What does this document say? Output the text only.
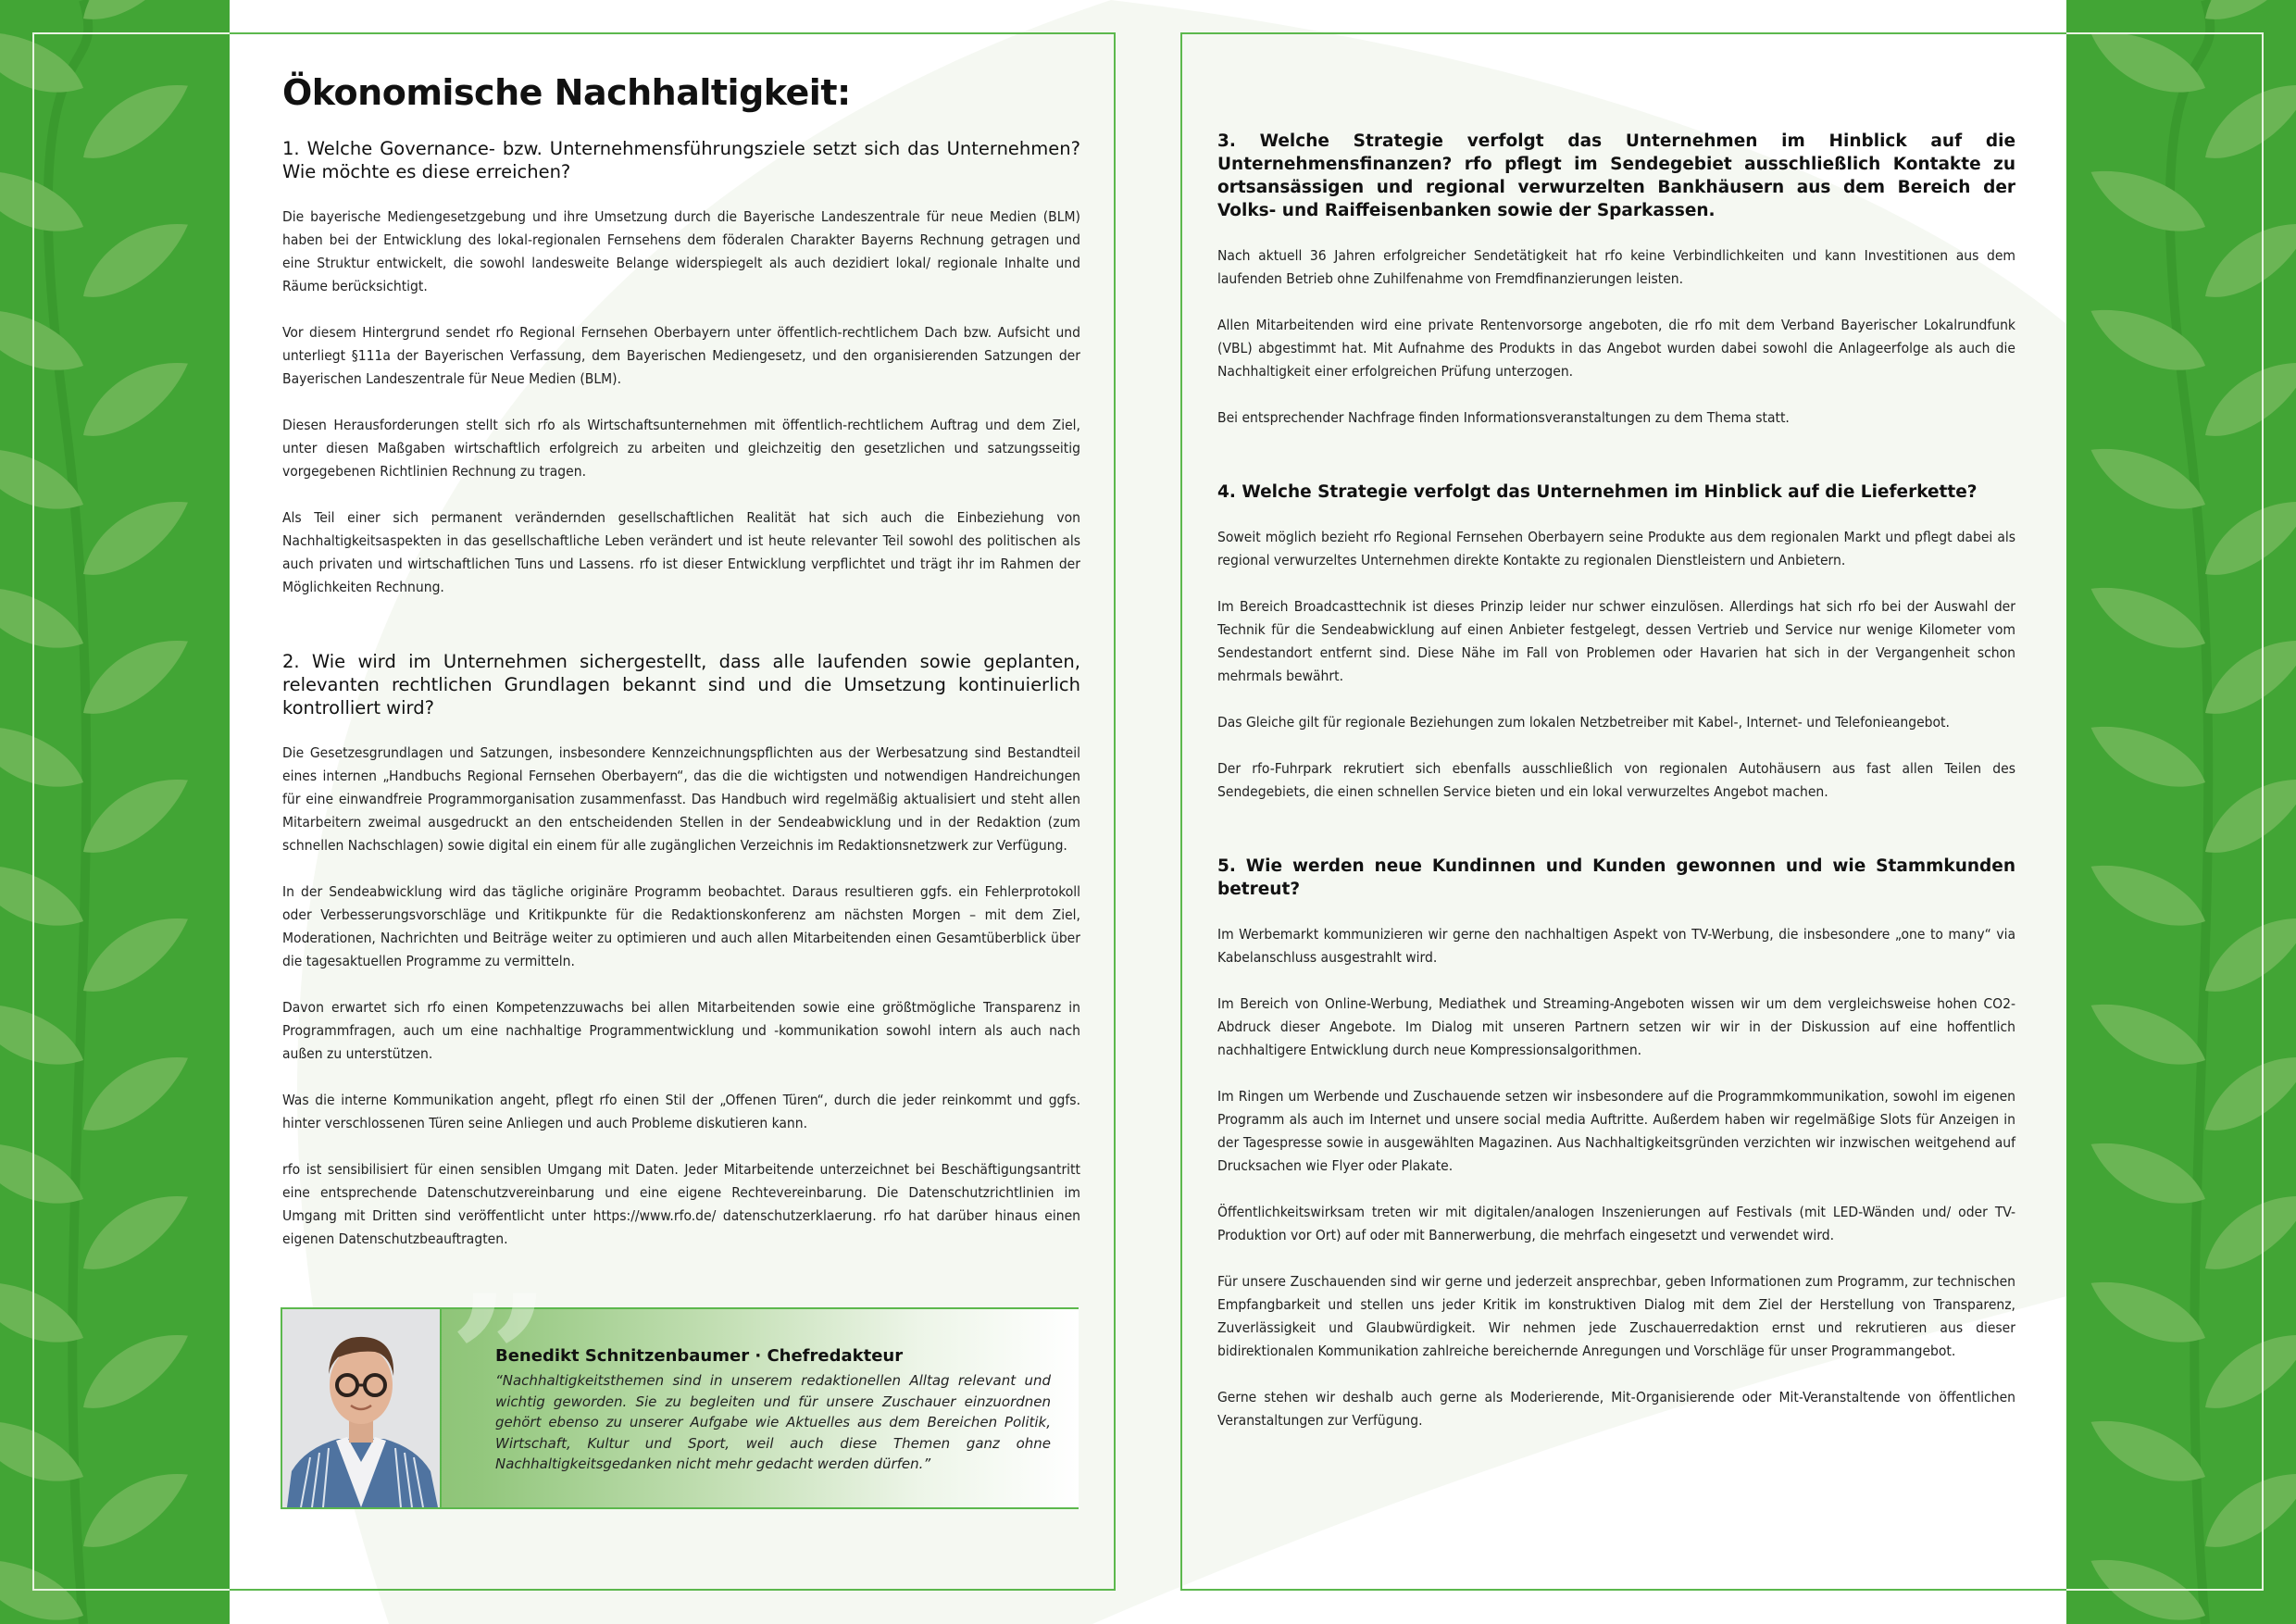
Ökonomische Nachhaltigkeit:
1. Welche Governance- bzw. Unternehmensführungsziele setzt sich das Unternehmen? Wie möchte es diese erreichen?

Die bayerische Mediengesetzgebung und ihre Umsetzung durch die Bayerische Landeszentrale für neue Medien (BLM) haben bei der Entwicklung des lokal-regionalen Fernsehens dem föderalen Charakter Bayerns Rechnung getragen und eine Struktur entwickelt, die sowohl landesweite Belange widerspiegelt als auch dezidiert lokal/ regionale Inhalte und Räume berücksichtigt.

Vor diesem Hintergrund sendet rfo Regional Fernsehen Oberbayern unter öffentlich-rechtlichem Dach bzw. Aufsicht und unterliegt §111a der Bayerischen Verfassung, dem Bayerischen Mediengesetz, und den organisierenden Satzungen der Bayerischen Landeszentrale für Neue Medien (BLM).

Diesen Herausforderungen stellt sich rfo als Wirtschaftsunternehmen mit öffentlich-rechtlichem Auftrag und dem Ziel, unter diesen Maßgaben wirtschaftlich erfolgreich zu arbeiten und gleichzeitig den gesetzlichen und satzungsseitig vorgegebenen Richtlinien Rechnung zu tragen.

Als Teil einer sich permanent verändernden gesellschaftlichen Realität hat sich auch die Einbeziehung von Nachhaltigkeitsaspekten in das gesellschaftliche Leben verändert und ist heute relevanter Teil sowohl des politischen als auch privaten und wirtschaftlichen Tuns und Lassens. rfo ist dieser Entwicklung verpflichtet und trägt ihr im Rahmen der Möglichkeiten Rechnung.

2. Wie wird im Unternehmen sichergestellt, dass alle laufenden sowie geplanten, relevanten rechtlichen Grundlagen bekannt sind und die Umsetzung kontinuierlich kontrolliert wird?

Die Gesetzesgrundlagen und Satzungen, insbesondere Kennzeichnungspflichten aus der Werbesatzung sind Bestandteil eines internen „Handbuchs Regional Fernsehen Oberbayern“, das die die wichtigsten und notwendigen Handreichungen für eine einwandfreie Programmorganisation zusammenfasst. Das Handbuch wird regelmäßig aktualisiert und steht allen Mitarbeitern zweimal ausgedruckt an den entscheidenden Stellen in der Sendeabwicklung und in der Redaktion (zum schnellen Nachschlagen) sowie digital ein einem für alle zugänglichen Verzeichnis im Redaktionsnetzwerk zur Verfügung.

In der Sendeabwicklung wird das tägliche originäre Programm beobachtet. Daraus resultieren ggfs. ein Fehlerprotokoll oder Verbesserungsvorschläge und Kritikpunkte für die Redaktionskonferenz am nächsten Morgen – mit dem Ziel, Moderationen, Nachrichten und Beiträge weiter zu optimieren und auch allen Mitarbeitenden einen Gesamtüberblick über die tagesaktuellen Programme zu vermitteln.

Davon erwartet sich rfo einen Kompetenzzuwachs bei allen Mitarbeitenden sowie eine größtmögliche Transparenz in Programmfragen, auch um eine nachhaltige Programmentwicklung und -kommunikation sowohl intern als auch nach außen zu unterstützen.

Was die interne Kommunikation angeht, pflegt rfo einen Stil der „Offenen Türen“, durch die jeder reinkommt und ggfs. hinter verschlossenen Türen seine Anliegen und auch Probleme diskutieren kann.

rfo ist sensibilisiert für einen sensiblen Umgang mit Daten. Jeder Mitarbeitende unterzeichnet bei Beschäftigungsantritt eine entsprechende Datenschutzvereinbarung und eine eigene Rechtevereinbarung. Die Datenschutzrichtlinien im Umgang mit Dritten sind veröffentlicht unter https://www.rfo.de/ datenschutzerklaerung. rfo hat darüber hinaus einen eigenen Datenschutzbeauftragten.

”
Benedikt Schnitzenbaumer · Chefredakteur
“Nachhaltigkeitsthemen sind in unserem redaktionellen Alltag relevant und wichtig geworden. Sie zu begleiten und für unsere Zuschauer einzuordnen gehört ebenso zu unserer Aufgabe wie Aktuelles aus dem Bereichen Politik, Wirtschaft, Kultur und Sport, weil auch diese Themen ganz ohne Nachhaltigkeitsgedanken nicht mehr gedacht werden dürfen.”
3. Welche Strategie verfolgt das Unternehmen im Hinblick auf die Unternehmensfinanzen? rfo pflegt im Sendegebiet ausschließlich Kontakte zu ortsansässigen und regional verwurzelten Bankhäusern aus dem Bereich der Volks- und Raiffeisenbanken sowie der Sparkassen.

Nach aktuell 36 Jahren erfolgreicher Sendetätigkeit hat rfo keine Verbindlichkeiten und kann Investitionen aus dem laufenden Betrieb ohne Zuhilfenahme von Fremdfinanzierungen leisten.

Allen Mitarbeitenden wird eine private Rentenvorsorge angeboten, die rfo mit dem Verband Bayerischer Lokalrundfunk (VBL) abgestimmt hat. Mit Aufnahme des Produkts in das Angebot wurden dabei sowohl die Anlageerfolge als auch die Nachhaltigkeit einer erfolgreichen Prüfung unterzogen.

Bei entsprechender Nachfrage finden Informationsveranstaltungen zu dem Thema statt.

4. Welche Strategie verfolgt das Unternehmen im Hinblick auf die Lieferkette?

Soweit möglich bezieht rfo Regional Fernsehen Oberbayern seine Produkte aus dem regionalen Markt und pflegt dabei als regional verwurzeltes Unternehmen direkte Kontakte zu regionalen Dienstleistern und Anbietern.

Im Bereich Broadcasttechnik ist dieses Prinzip leider nur schwer einzulösen. Allerdings hat sich rfo bei der Auswahl der Technik für die Sendeabwicklung auf einen Anbieter festgelegt, dessen Vertrieb und Service nur wenige Kilometer vom Sendestandort entfernt sind. Diese Nähe im Fall von Problemen oder Havarien hat sich in der Vergangenheit schon mehrmals bewährt.

Das Gleiche gilt für regionale Beziehungen zum lokalen Netzbetreiber mit Kabel-, Internet- und Telefonieangebot.

Der rfo-Fuhrpark rekrutiert sich ebenfalls ausschließlich von regionalen Autohäusern aus fast allen Teilen des Sendegebiets, die einen schnellen Service bieten und ein lokal verwurzeltes Angebot machen.

5. Wie werden neue Kundinnen und Kunden gewonnen und wie Stammkunden betreut?

Im Werbemarkt kommunizieren wir gerne den nachhaltigen Aspekt von TV-Werbung, die insbesondere „one to many“ via Kabelanschluss ausgestrahlt wird.

Im Bereich von Online-Werbung, Mediathek und Streaming-Angeboten wissen wir um dem vergleichsweise hohen CO2-Abdruck dieser Angebote. Im Dialog mit unseren Partnern setzen wir wir in der Diskussion auf eine hoffentlich nachhaltigere Entwicklung durch neue Kompressionsalgorithmen.

Im Ringen um Werbende und Zuschauende setzen wir insbesondere auf die Programmkommunikation, sowohl im eigenen Programm als auch im Internet und unsere social media Auftritte. Außerdem haben wir regelmäßige Slots für Anzeigen in der Tagespresse sowie in ausgewählten Magazinen. Aus Nachhaltigkeitsgründen verzichten wir inzwischen weitgehend auf Drucksachen wie Flyer oder Plakate.

Öffentlichkeitswirksam treten wir mit digitalen/analogen Inszenierungen auf Festivals (mit LED-Wänden und/ oder TV-Produktion vor Ort) auf oder mit Bannerwerbung, die mehrfach eingesetzt und verwendet wird.

Für unsere Zuschauenden sind wir gerne und jederzeit ansprechbar, geben Informationen zum Programm, zur technischen Empfangbarkeit und stellen uns jeder Kritik im konstruktiven Dialog mit dem Ziel der Herstellung von Transparenz, Zuverlässigkeit und Glaubwürdigkeit. Wir nehmen jede Zuschauerredaktion ernst und rekrutieren aus dieser bidirektionalen Kommunikation zahlreiche bereichernde Anregungen und Vorschläge für unser Programmangebot.

Gerne stehen wir deshalb auch gerne als Moderierende, Mit-Organisierende oder Mit-Veranstaltende von öffentlichen Veranstaltungen zur Verfügung.
